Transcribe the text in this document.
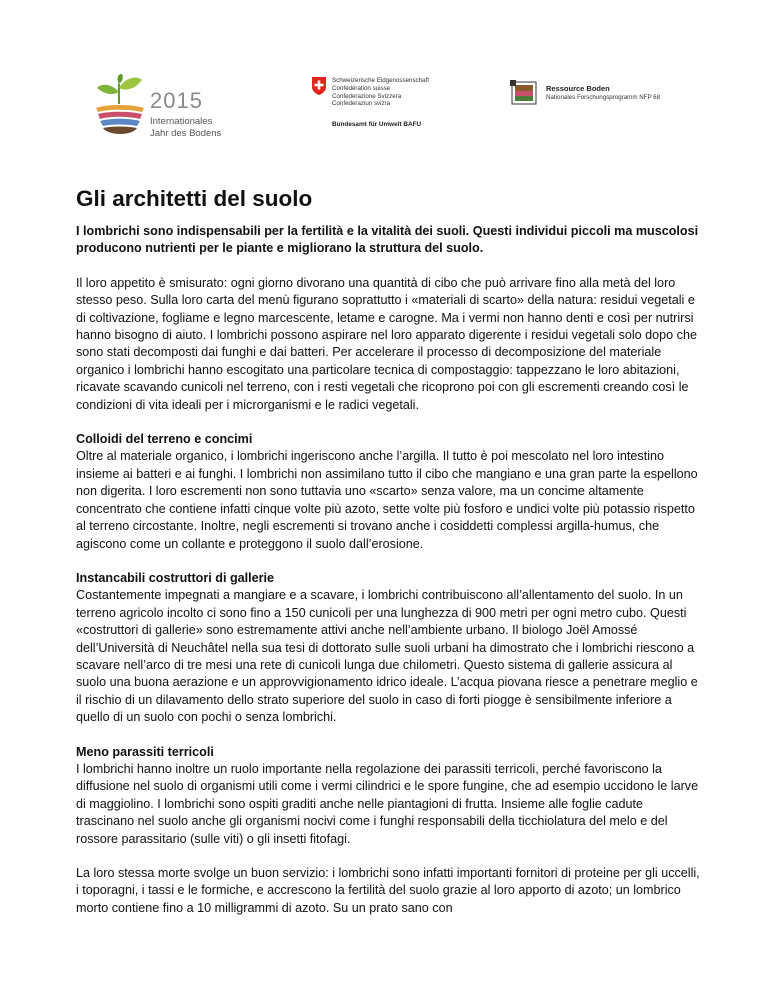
2015
Internationales
Jahr des Bodens
Schweizerische Eidgenossenschaft
Confédération suisse
Confederazione Svizzera
Confederaziun svizra
Bundesamt für Umwelt BAFU
Ressource Boden
Nationales Forschungsprogramm NFP 68
Gli architetti del suolo

I lombrichi sono indispensabili per la fertilità e la vitalità dei suoli. Questi individui piccoli ma muscolosi producono nutrienti per le piante e migliorano la struttura del suolo.

Il loro appetito è smisurato: ogni giorno divorano una quantità di cibo che può arrivare fino alla metà del loro stesso peso. Sulla loro carta del menù figurano soprattutto i «materiali di scarto» della natura: residui vegetali e di coltivazione, fogliame e legno marcescente, letame e carogne. Ma i vermi non hanno denti e così per nutrirsi hanno bisogno di aiuto. I lombrichi possono aspirare nel loro apparato digerente i residui vegetali solo dopo che sono stati decomposti dai funghi e dai batteri. Per accelerare il processo di decomposizione del materiale organico i lombrichi hanno escogitato una particolare tecnica di compostaggio: tappezzano le loro abitazioni, ricavate scavando cunicoli nel terreno, con i resti vegetali che ricoprono poi con gli escrementi creando così le condizioni di vita ideali per i microrganismi e le radici vegetali.

Colloidi del terreno e concimi

Oltre al materiale organico, i lombrichi ingeriscono anche l’argilla. Il tutto è poi mescolato nel loro intestino insieme ai batteri e ai funghi. I lombrichi non assimilano tutto il cibo che mangiano e una gran parte la espellono non digerita. I loro escrementi non sono tuttavia uno «scarto» senza valore, ma un concime altamente concentrato che contiene infatti cinque volte più azoto, sette volte più fosforo e undici volte più potassio rispetto al terreno circostante. Inoltre, negli escrementi si trovano anche i cosiddetti complessi argilla-humus, che agiscono come un collante e proteggono il suolo dall’erosione.

Instancabili costruttori di gallerie

Costantemente impegnati a mangiare e a scavare, i lombrichi contribuiscono all’allentamento del suolo. In un terreno agricolo incolto ci sono fino a 150 cunicoli per una lunghezza di 900 metri per ogni metro cubo. Questi «costruttori di gallerie» sono estremamente attivi anche nell’ambiente urbano. Il biologo Joël Amossé dell’Università di Neuchâtel nella sua tesi di dottorato sulle suoli urbani ha dimostrato che i lombrichi riescono a scavare nell’arco di tre mesi una rete di cunicoli lunga due chilometri. Questo sistema di gallerie assicura al suolo una buona aerazione e un approvvigionamento idrico ideale. L’acqua piovana riesce a penetrare meglio e il rischio di un dilavamento dello strato superiore del suolo in caso di forti piogge è sensibilmente inferiore a quello di un suolo con pochi o senza lombrichi.

Meno parassiti terricoli

I lombrichi hanno inoltre un ruolo importante nella regolazione dei parassiti terricoli, perché favoriscono la diffusione nel suolo di organismi utili come i vermi cilindrici e le spore fungine, che ad esempio uccidono le larve di maggiolino. I lombrichi sono ospiti graditi anche nelle piantagioni di frutta. Insieme alle foglie cadute trascinano nel suolo anche gli organismi nocivi come i funghi responsabili della ticchiolatura del melo e del rossore parassitario (sulle viti) o gli insetti fitofagi.

La loro stessa morte svolge un buon servizio: i lombrichi sono infatti importanti fornitori di proteine per gli uccelli, i toporagni, i tassi e le formiche, e accrescono la fertilità del suolo grazie al loro apporto di azoto; un lombrico morto contiene fino a 10 milligrammi di azoto. Su un prato sano con
